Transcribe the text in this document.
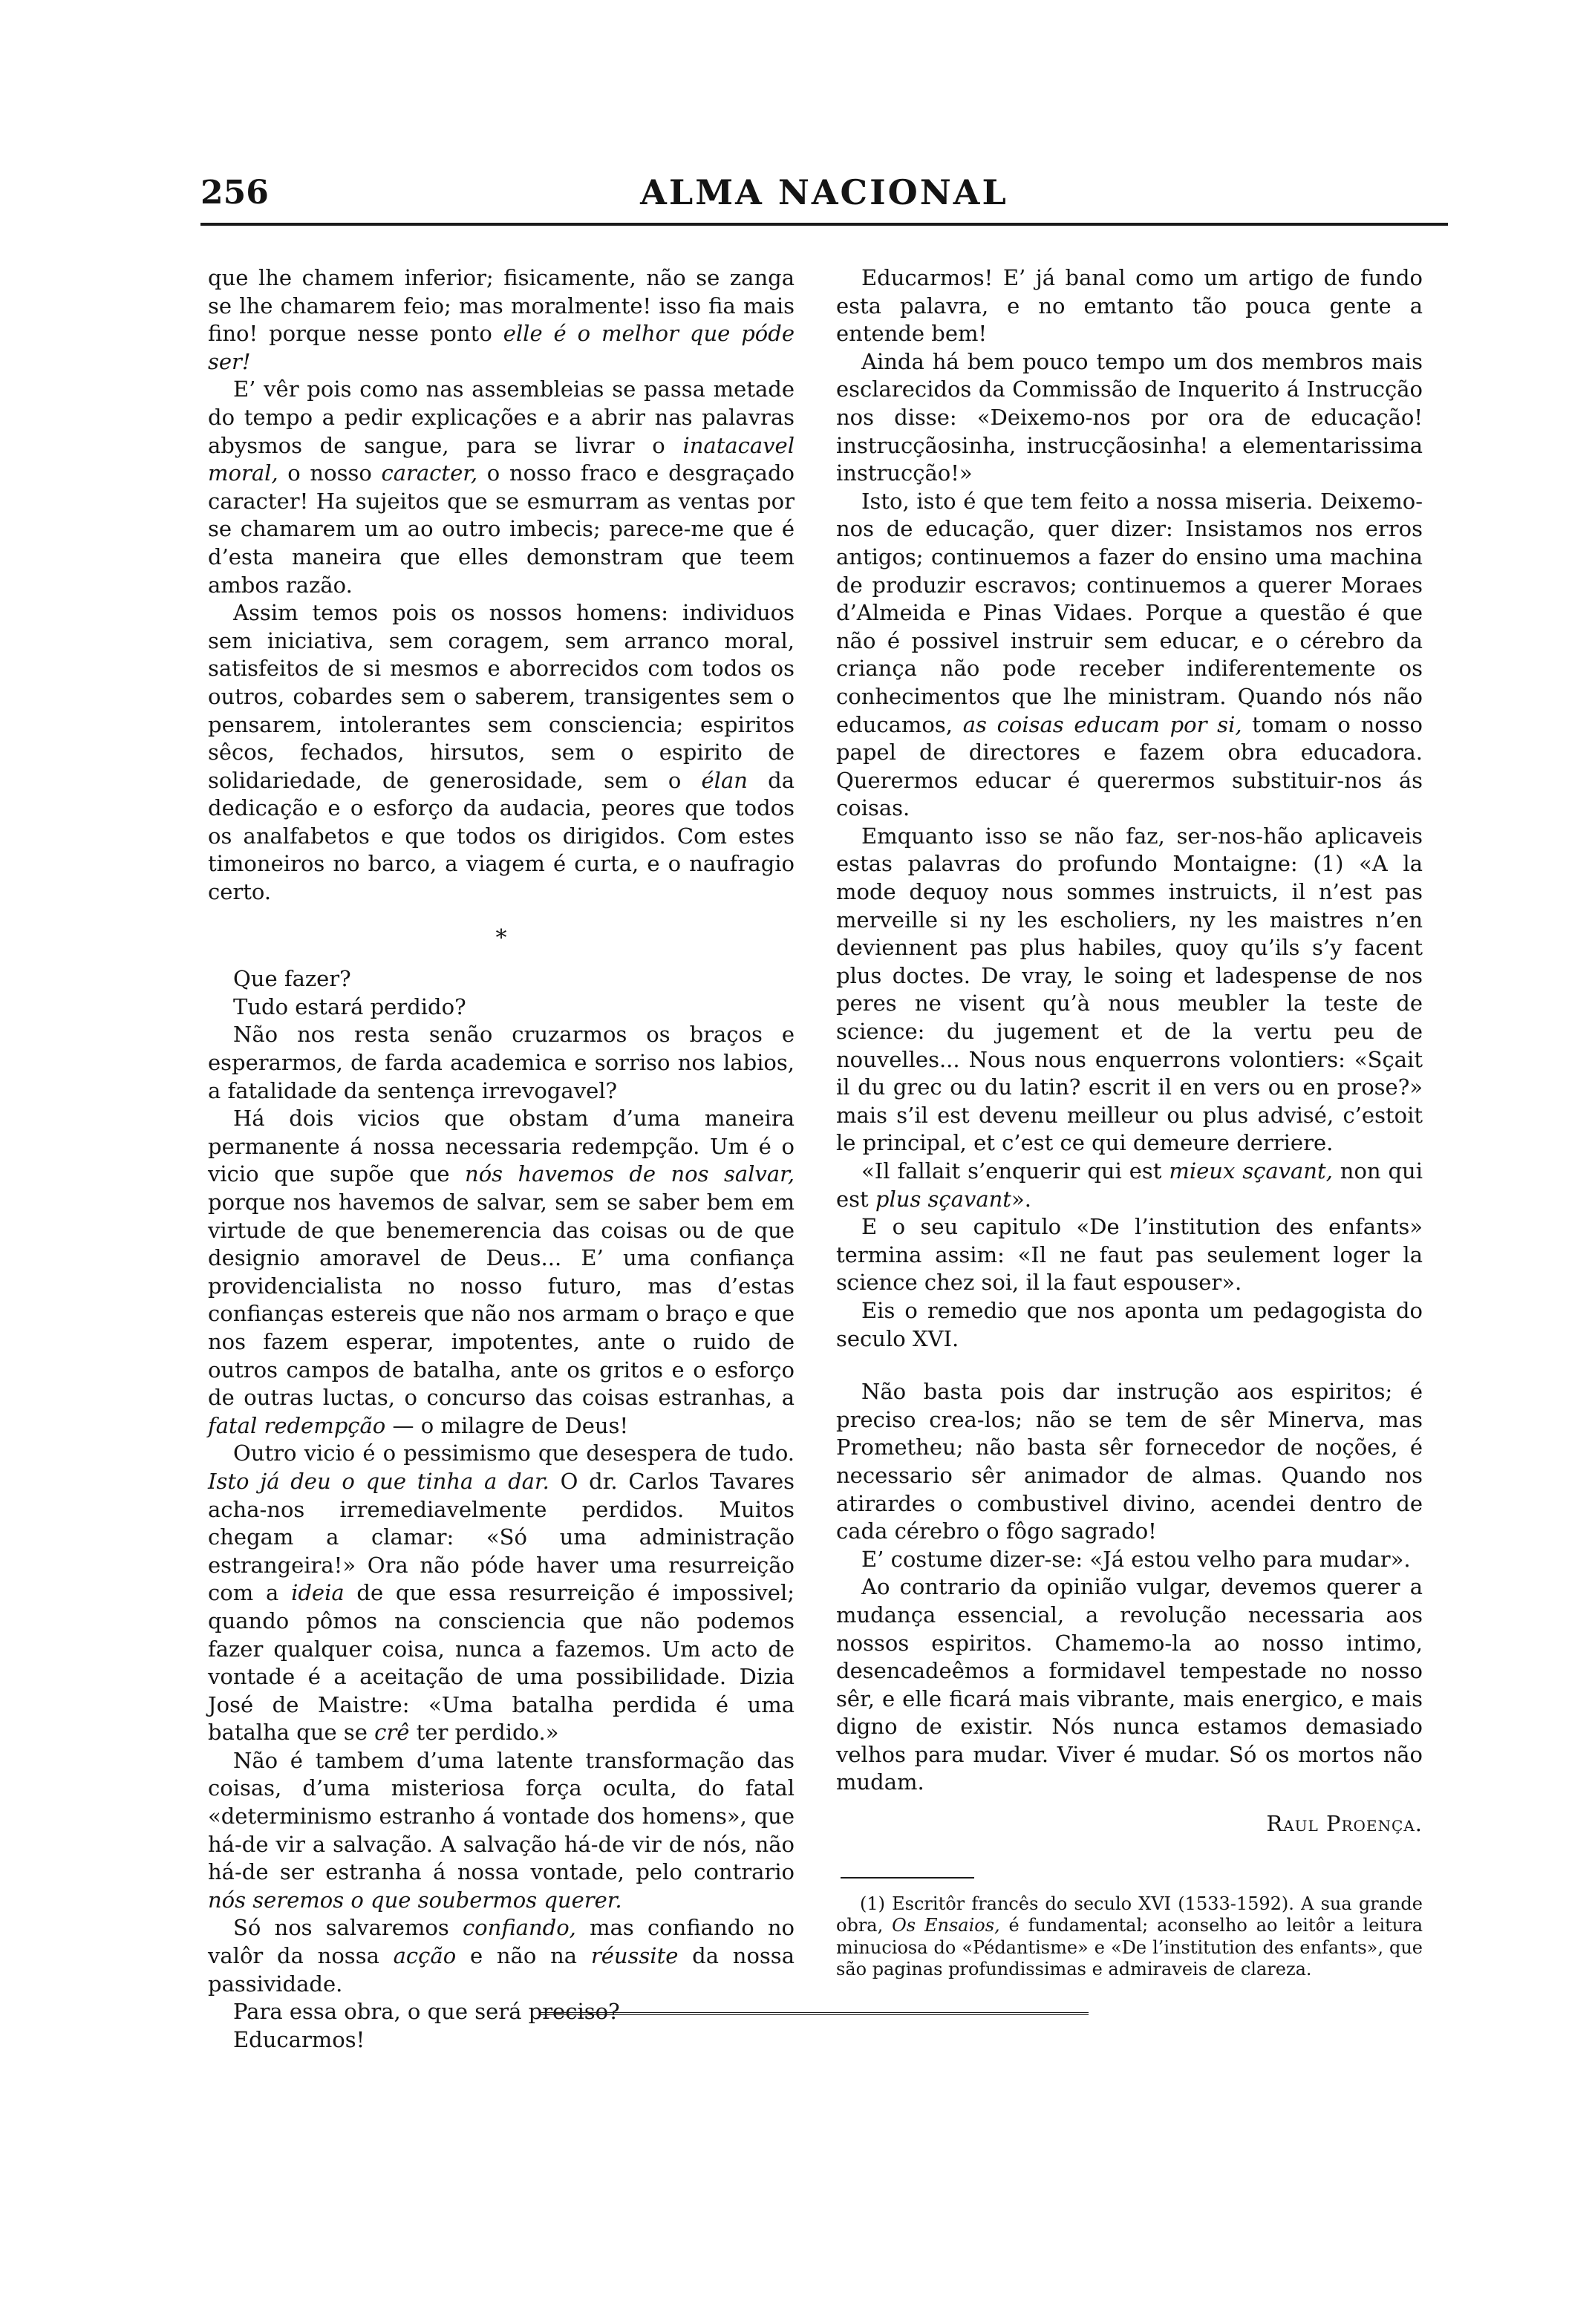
256	ALMA NACIONAL

que lhe chamem inferior; fisicamente, não se zanga se lhe chamarem feio; mas moralmente! isso fia mais fino! porque nesse ponto elle é o melhor que póde ser!

E’ vêr pois como nas assembleias se passa metade do tempo a pedir explicações e a abrir nas palavras abysmos de sangue, para se livrar o inatacavel moral, o nosso caracter, o nosso fraco e desgraçado caracter! Ha sujeitos que se esmurram as ventas por se chamarem um ao outro imbecis; parece-me que é d’esta maneira que elles demonstram que teem ambos razão.

Assim temos pois os nossos homens: individuos sem iniciativa, sem coragem, sem arranco moral, satisfeitos de si mesmos e aborrecidos com todos os outros, cobardes sem o saberem, transigentes sem o pensarem, intolerantes sem consciencia; espiritos sêcos, fechados, hirsutos, sem o espirito de solidariedade, de generosidade, sem o élan da dedicação e o esforço da audacia, peores que todos os analfabetos e que todos os dirigidos. Com estes timoneiros no barco, a viagem é curta, e o naufragio certo.

*

Que fazer?

Tudo estará perdido?

Não nos resta senão cruzarmos os braços e esperarmos, de farda academica e sorriso nos labios, a fatalidade da sentença irrevogavel?

Há dois vicios que obstam d’uma maneira permanente á nossa necessaria redempção. Um é o vicio que supõe que nós havemos de nos salvar, porque nos havemos de salvar, sem se saber bem em virtude de que benemerencia das coisas ou de que designio amoravel de Deus... E’ uma confiança providencialista no nosso futuro, mas d’estas confianças estereis que não nos armam o braço e que nos fazem esperar, impotentes, ante o ruido de outros campos de batalha, ante os gritos e o esforço de outras luctas, o concurso das coisas estranhas, a fatal redempção — o milagre de Deus!

Outro vicio é o pessimismo que desespera de tudo. Isto já deu o que tinha a dar. O dr. Carlos Tavares acha-nos irremediavelmente perdidos. Muitos chegam a clamar: «Só uma administração estrangeira!» Ora não póde haver uma resurreição com a ideia de que essa resurreição é impossivel; quando pômos na consciencia que não podemos fazer qualquer coisa, nunca a fazemos. Um acto de vontade é a aceitação de uma possibilidade. Dizia José de Maistre: «Uma batalha perdida é uma batalha que se crê ter perdido.»

Não é tambem d’uma latente transformação das coisas, d’uma misteriosa força oculta, do fatal «determinismo estranho á vontade dos homens», que há-de vir a salvação. A salvação há-de vir de nós, não há-de ser estranha á nossa vontade, pelo contrario nós seremos o que soubermos querer.

Só nos salvaremos confiando, mas confiando no valôr da nossa acção e não na réussite da nossa passividade.

Para essa obra, o que será preciso?

Educarmos!

Educarmos! E’ já banal como um artigo de fundo esta palavra, e no emtanto tão pouca gente a entende bem!

Ainda há bem pouco tempo um dos membros mais esclarecidos da Commissão de Inquerito á Instrucção nos disse: «Deixemo-nos por ora de educação! instrucçãosinha, instrucçãosinha! a elementarissima instrucção!»

Isto, isto é que tem feito a nossa miseria. Deixemo-nos de educação, quer dizer: Insistamos nos erros antigos; continuemos a fazer do ensino uma machina de produzir escravos; continuemos a querer Moraes d’Almeida e Pinas Vidaes. Porque a questão é que não é possivel instruir sem educar, e o cérebro da criança não pode receber indiferentemente os conhecimentos que lhe ministram. Quando nós não educamos, as coisas educam por si, tomam o nosso papel de directores e fazem obra educadora. Querermos educar é querermos substituir-nos ás coisas.

Emquanto isso se não faz, ser-nos-hão aplicaveis estas palavras do profundo Montaigne: (1) «A la mode dequoy nous sommes instruicts, il n’est pas merveille si ny les escholiers, ny les maistres n’en deviennent pas plus habiles, quoy qu’ils s’y facent plus doctes. De vray, le soing et ladespense de nos peres ne visent qu’à nous meubler la teste de science: du jugement et de la vertu peu de nouvelles... Nous nous enquerrons volontiers: «Sçait il du grec ou du latin? escrit il en vers ou en prose?» mais s’il est devenu meilleur ou plus advisé, c’estoit le principal, et c’est ce qui demeure derriere.

«Il fallait s’enquerir qui est mieux sçavant, non qui est plus sçavant».

E o seu capitulo «De l’institution des enfants» termina assim: «Il ne faut pas seulement loger la science chez soi, il la faut espouser».

Eis o remedio que nos aponta um pedagogista do seculo XVI.

Não basta pois dar instrução aos espiritos; é preciso crea-los; não se tem de sêr Minerva, mas Prometheu; não basta sêr fornecedor de noções, é necessario sêr animador de almas. Quando nos atirardes o combustivel divino, acendei dentro de cada cérebro o fôgo sagrado!

E’ costume dizer-se: «Já estou velho para mudar».

Ao contrario da opinião vulgar, devemos querer a mudança essencial, a revolução necessaria aos nossos espiritos. Chamemo-la ao nosso intimo, desencadeêmos a formidavel tempestade no nosso sêr, e elle ficará mais vibrante, mais energico, e mais digno de existir. Nós nunca estamos demasiado velhos para mudar. Viver é mudar. Só os mortos não mudam.

Raul Proença.

(1) Escritôr francês do seculo XVI (1533-1592). A sua grande obra, Os Ensaios, é fundamental; aconselho ao leitôr a leitura minuciosa do «Pédantisme» e «De l’institution des enfants», que são paginas profundissimas e admiraveis de clareza.
